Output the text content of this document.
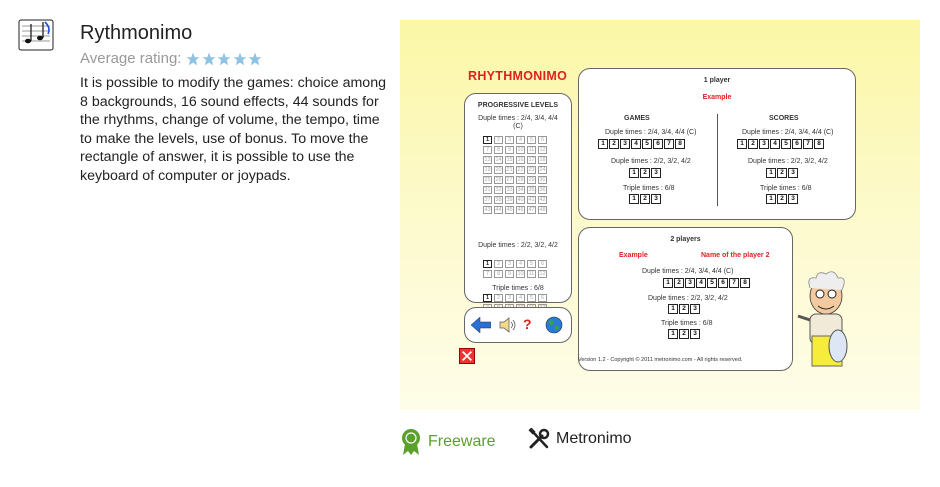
Rythmonimo
Average rating:
It is possible to modify the games: choice among 8 backgrounds, 16 sound effects, 44 sounds for the rhythms, change of volume, the tempo, time to make the levels, use of bonus. To move the rectangle of answer, it is possible to use the keyboard of computer or joypads.
RHYTHMONIMO
PROGRESSIVE LEVELS
Duple times : 2/4, 3/4, 4/4 (C)
1	2	3	4	5	6
7	8	9	10 11 12
13 14 15 16 17 18
19 20 21 22 23 24
25 26 27 28 29 30
31 32 33 34 35 36
37 38 39 40 41 42
43 44 45 46 47 48
Duple times : 2/2, 3/2, 4/2
1	2	3	4	5	6
7	8	9	10 11 12
Triple times : 6/8
1	2	3	4	5	6
?
1 player
Example
GAMES	SCORES
Duple times : 2/4, 3/4, 4/4 (C)
1	2	3	4	5	6	7	8
Duple times : 2/2, 3/2, 4/2
1	2	3
Triple times : 6/8
1	2	3
Duple times : 2/4, 3/4, 4/4 (C)
1	2	3	4	5	6	7	8
Duple times : 2/2, 3/2, 4/2
1	2	3
Triple times : 6/8
1	2	3
2 players
Example	Name of the player 2
Duple times : 2/4, 3/4, 4/4 (C)
1	2	3	4	5	6	7	8
Duple times : 2/2, 3/2, 4/2
1	2	3
Triple times : 6/8
1	2	3
Version 1.2 - Copyright © 2011 metronimo.com - All rights reserved.
Freeware	Metronimo
